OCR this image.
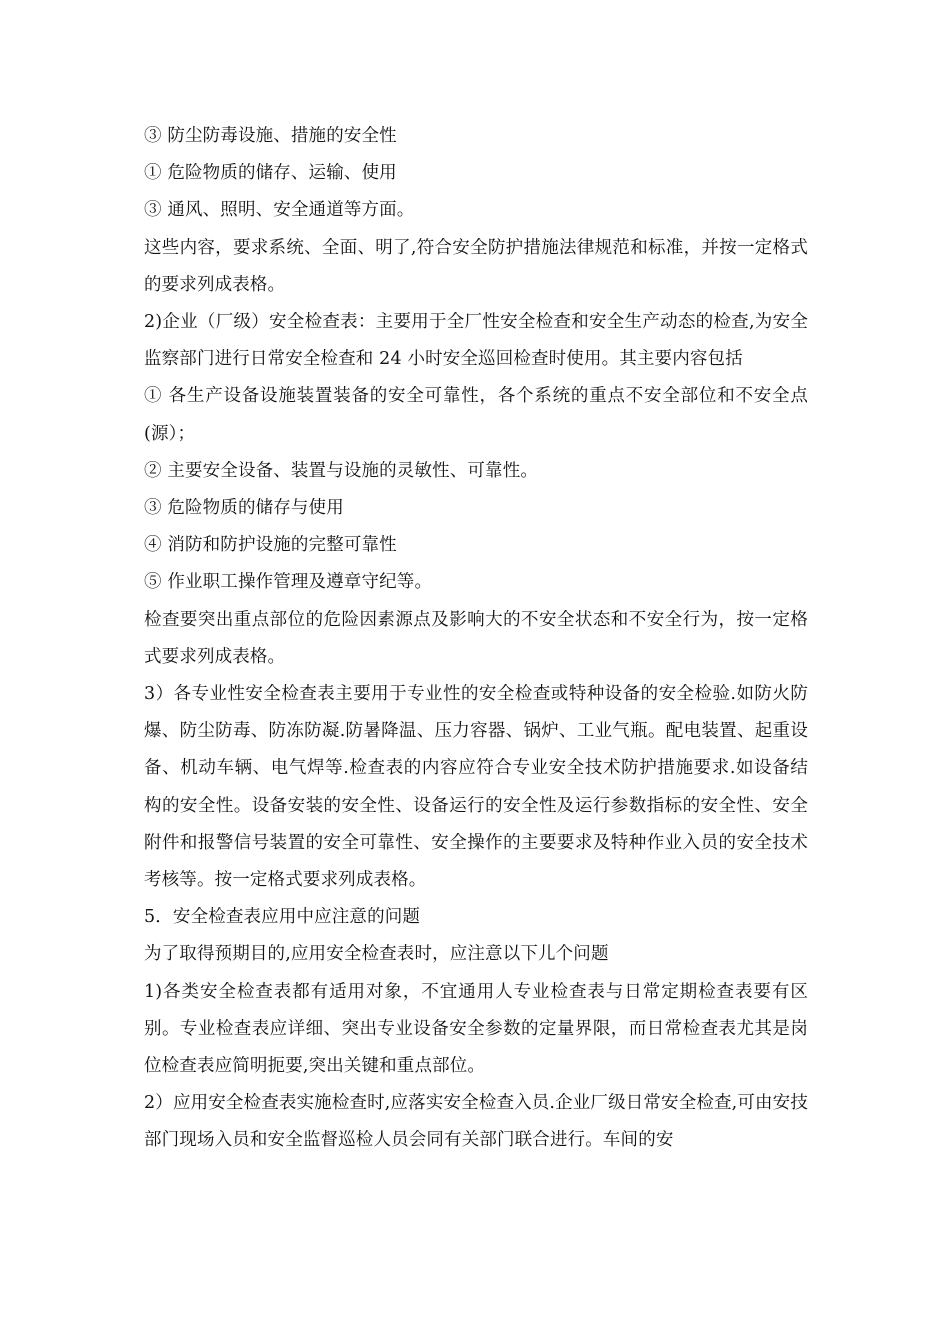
③ 防尘防毒设施、措施的安全性

① 危险物质的储存、运输、使用

③ 通风、照明、安全通道等方面。

这些内容，要求系统、全面、明了,符合安全防护措施法律规范和标准，并按一定格式的要求列成表格。

2)企业（厂级）安全检查表：主要用于全厂性安全检查和安全生产动态的检查,为安全监察部门进行日常安全检查和 24 小时安全巡回检查时使用。其主要内容包括

① 各生产设备设施装置装备的安全可靠性，各个系统的重点不安全部位和不安全点(源）；

② 主要安全设备、装置与设施的灵敏性、可靠性。

③ 危险物质的储存与使用

④ 消防和防护设施的完整可靠性

⑤ 作业职工操作管理及遵章守纪等。

检查要突出重点部位的危险因素源点及影响大的不安全状态和不安全行为，按一定格式要求列成表格。

3）各专业性安全检查表主要用于专业性的安全检查或特种设备的安全检验.如防火防爆、防尘防毒、防冻防凝.防暑降温、压力容器、锅炉、工业气瓶。配电装置、起重设备、机动车辆、电气焊等.检查表的内容应符合专业安全技术防护措施要求.如设备结构的安全性。设备安装的安全性、设备运行的安全性及运行参数指标的安全性、安全附件和报警信号装置的安全可靠性、安全操作的主要要求及特种作业入员的安全技术考核等。按一定格式要求列成表格。

5．安全检查表应用中应注意的问题

为了取得预期目的,应用安全检查表时，应注意以下儿个问题

1)各类安全检查表都有适用对象，不宜通用人专业检查表与日常定期检查表要有区别。专业检查表应详细、突出专业设备安全参数的定量界限，而日常检查表尤其是岗位检查表应简明扼要,突出关键和重点部位。

2）应用安全检查表实施检查时,应落实安全检查入员.企业厂级日常安全检查,可由安技部门现场入员和安全监督巡检人员会同有关部门联合进行。车间的安
